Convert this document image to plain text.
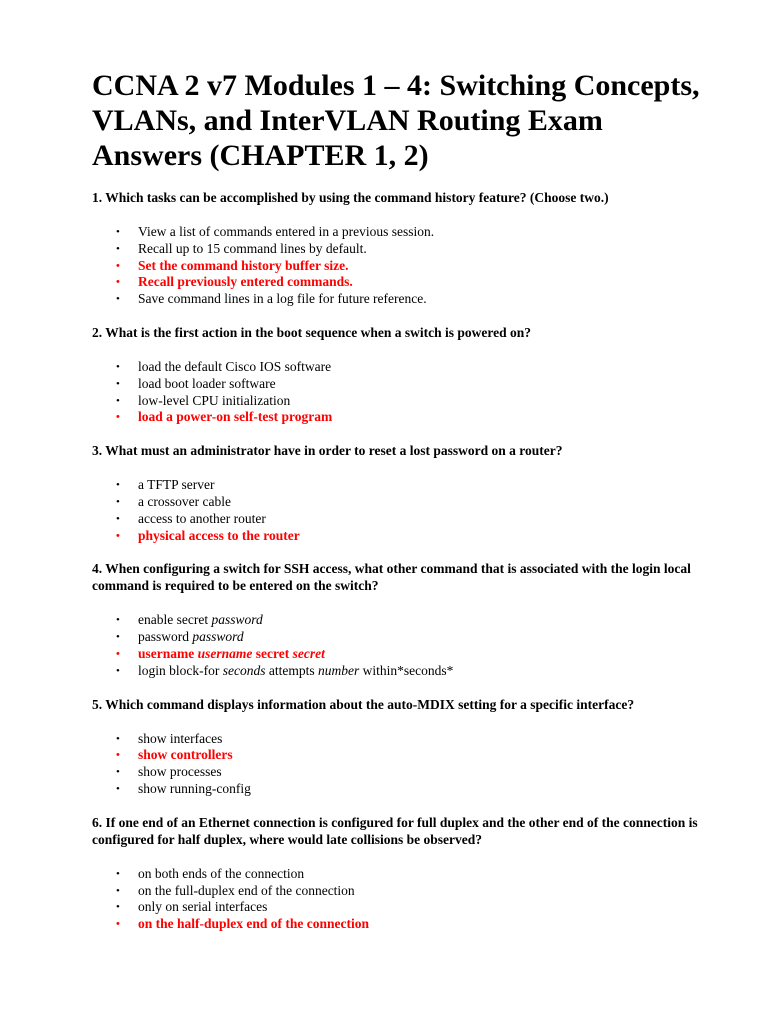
CCNA 2 v7 Modules 1 – 4: Switching Concepts, VLANs, and InterVLAN Routing Exam Answers (CHAPTER 1, 2)

1. Which tasks can be accomplished by using the command history feature? (Choose two.)

• View a list of commands entered in a previous session.
• Recall up to 15 command lines by default.
• Set the command history buffer size.
• Recall previously entered commands.
• Save command lines in a log file for future reference.

2. What is the first action in the boot sequence when a switch is powered on?

• load the default Cisco IOS software
• load boot loader software
• low-level CPU initialization
• load a power-on self-test program

3. What must an administrator have in order to reset a lost password on a router?

• a TFTP server
• a crossover cable
• access to another router
• physical access to the router

4. When configuring a switch for SSH access, what other command that is associated with the login local command is required to be entered on the switch?

• enable secret password
• password password
• username username secret secret
• login block-for seconds attempts number within*seconds*

5. Which command displays information about the auto-MDIX setting for a specific interface?

• show interfaces
• show controllers
• show processes
• show running-config

6. If one end of an Ethernet connection is configured for full duplex and the other end of the connection is configured for half duplex, where would late collisions be observed?

• on both ends of the connection
• on the full-duplex end of the connection
• only on serial interfaces
• on the half-duplex end of the connection
